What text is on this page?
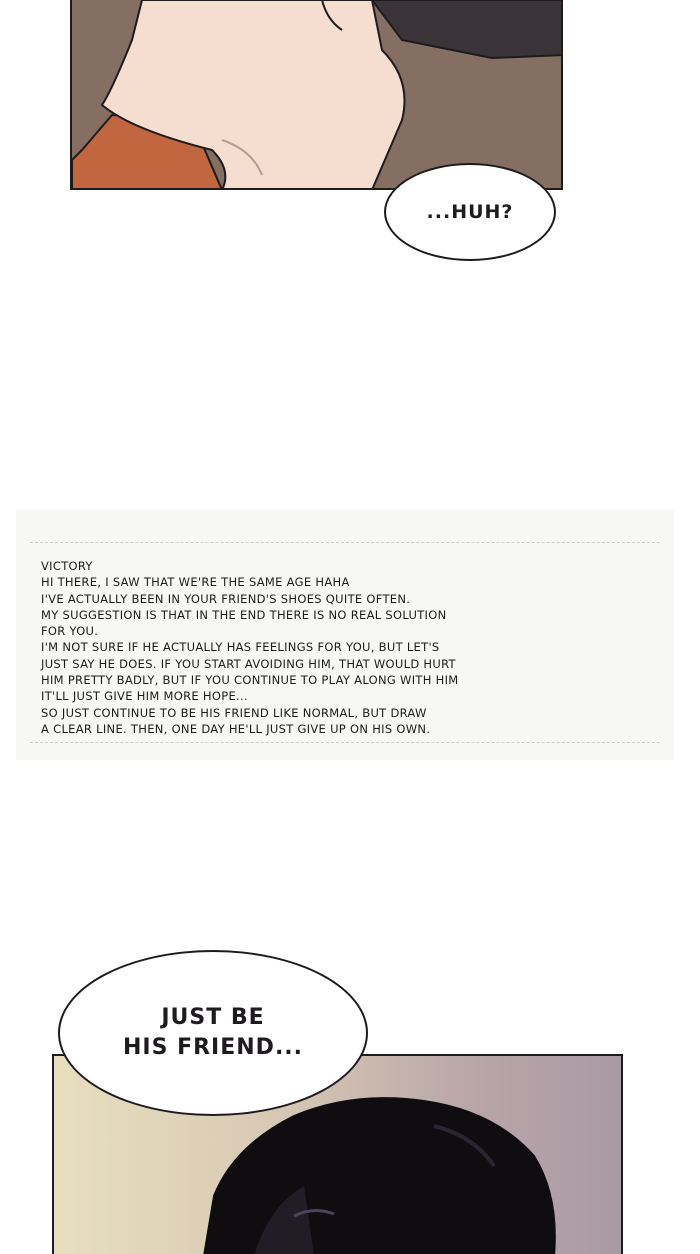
...HUH?
VICTORY
HI THERE, I SAW THAT WE'RE THE SAME AGE HAHA
I'VE ACTUALLY BEEN IN YOUR FRIEND'S SHOES QUITE OFTEN.
MY SUGGESTION IS THAT IN THE END THERE IS NO REAL SOLUTION
FOR YOU.
I'M NOT SURE IF HE ACTUALLY HAS FEELINGS FOR YOU, BUT LET'S
JUST SAY HE DOES. IF YOU START AVOIDING HIM, THAT WOULD HURT
HIM PRETTY BADLY, BUT IF YOU CONTINUE TO PLAY ALONG WITH HIM
IT'LL JUST GIVE HIM MORE HOPE...
SO JUST CONTINUE TO BE HIS FRIEND LIKE NORMAL, BUT DRAW
A CLEAR LINE. THEN, ONE DAY HE'LL JUST GIVE UP ON HIS OWN.
JUST BE
HIS FRIEND...
